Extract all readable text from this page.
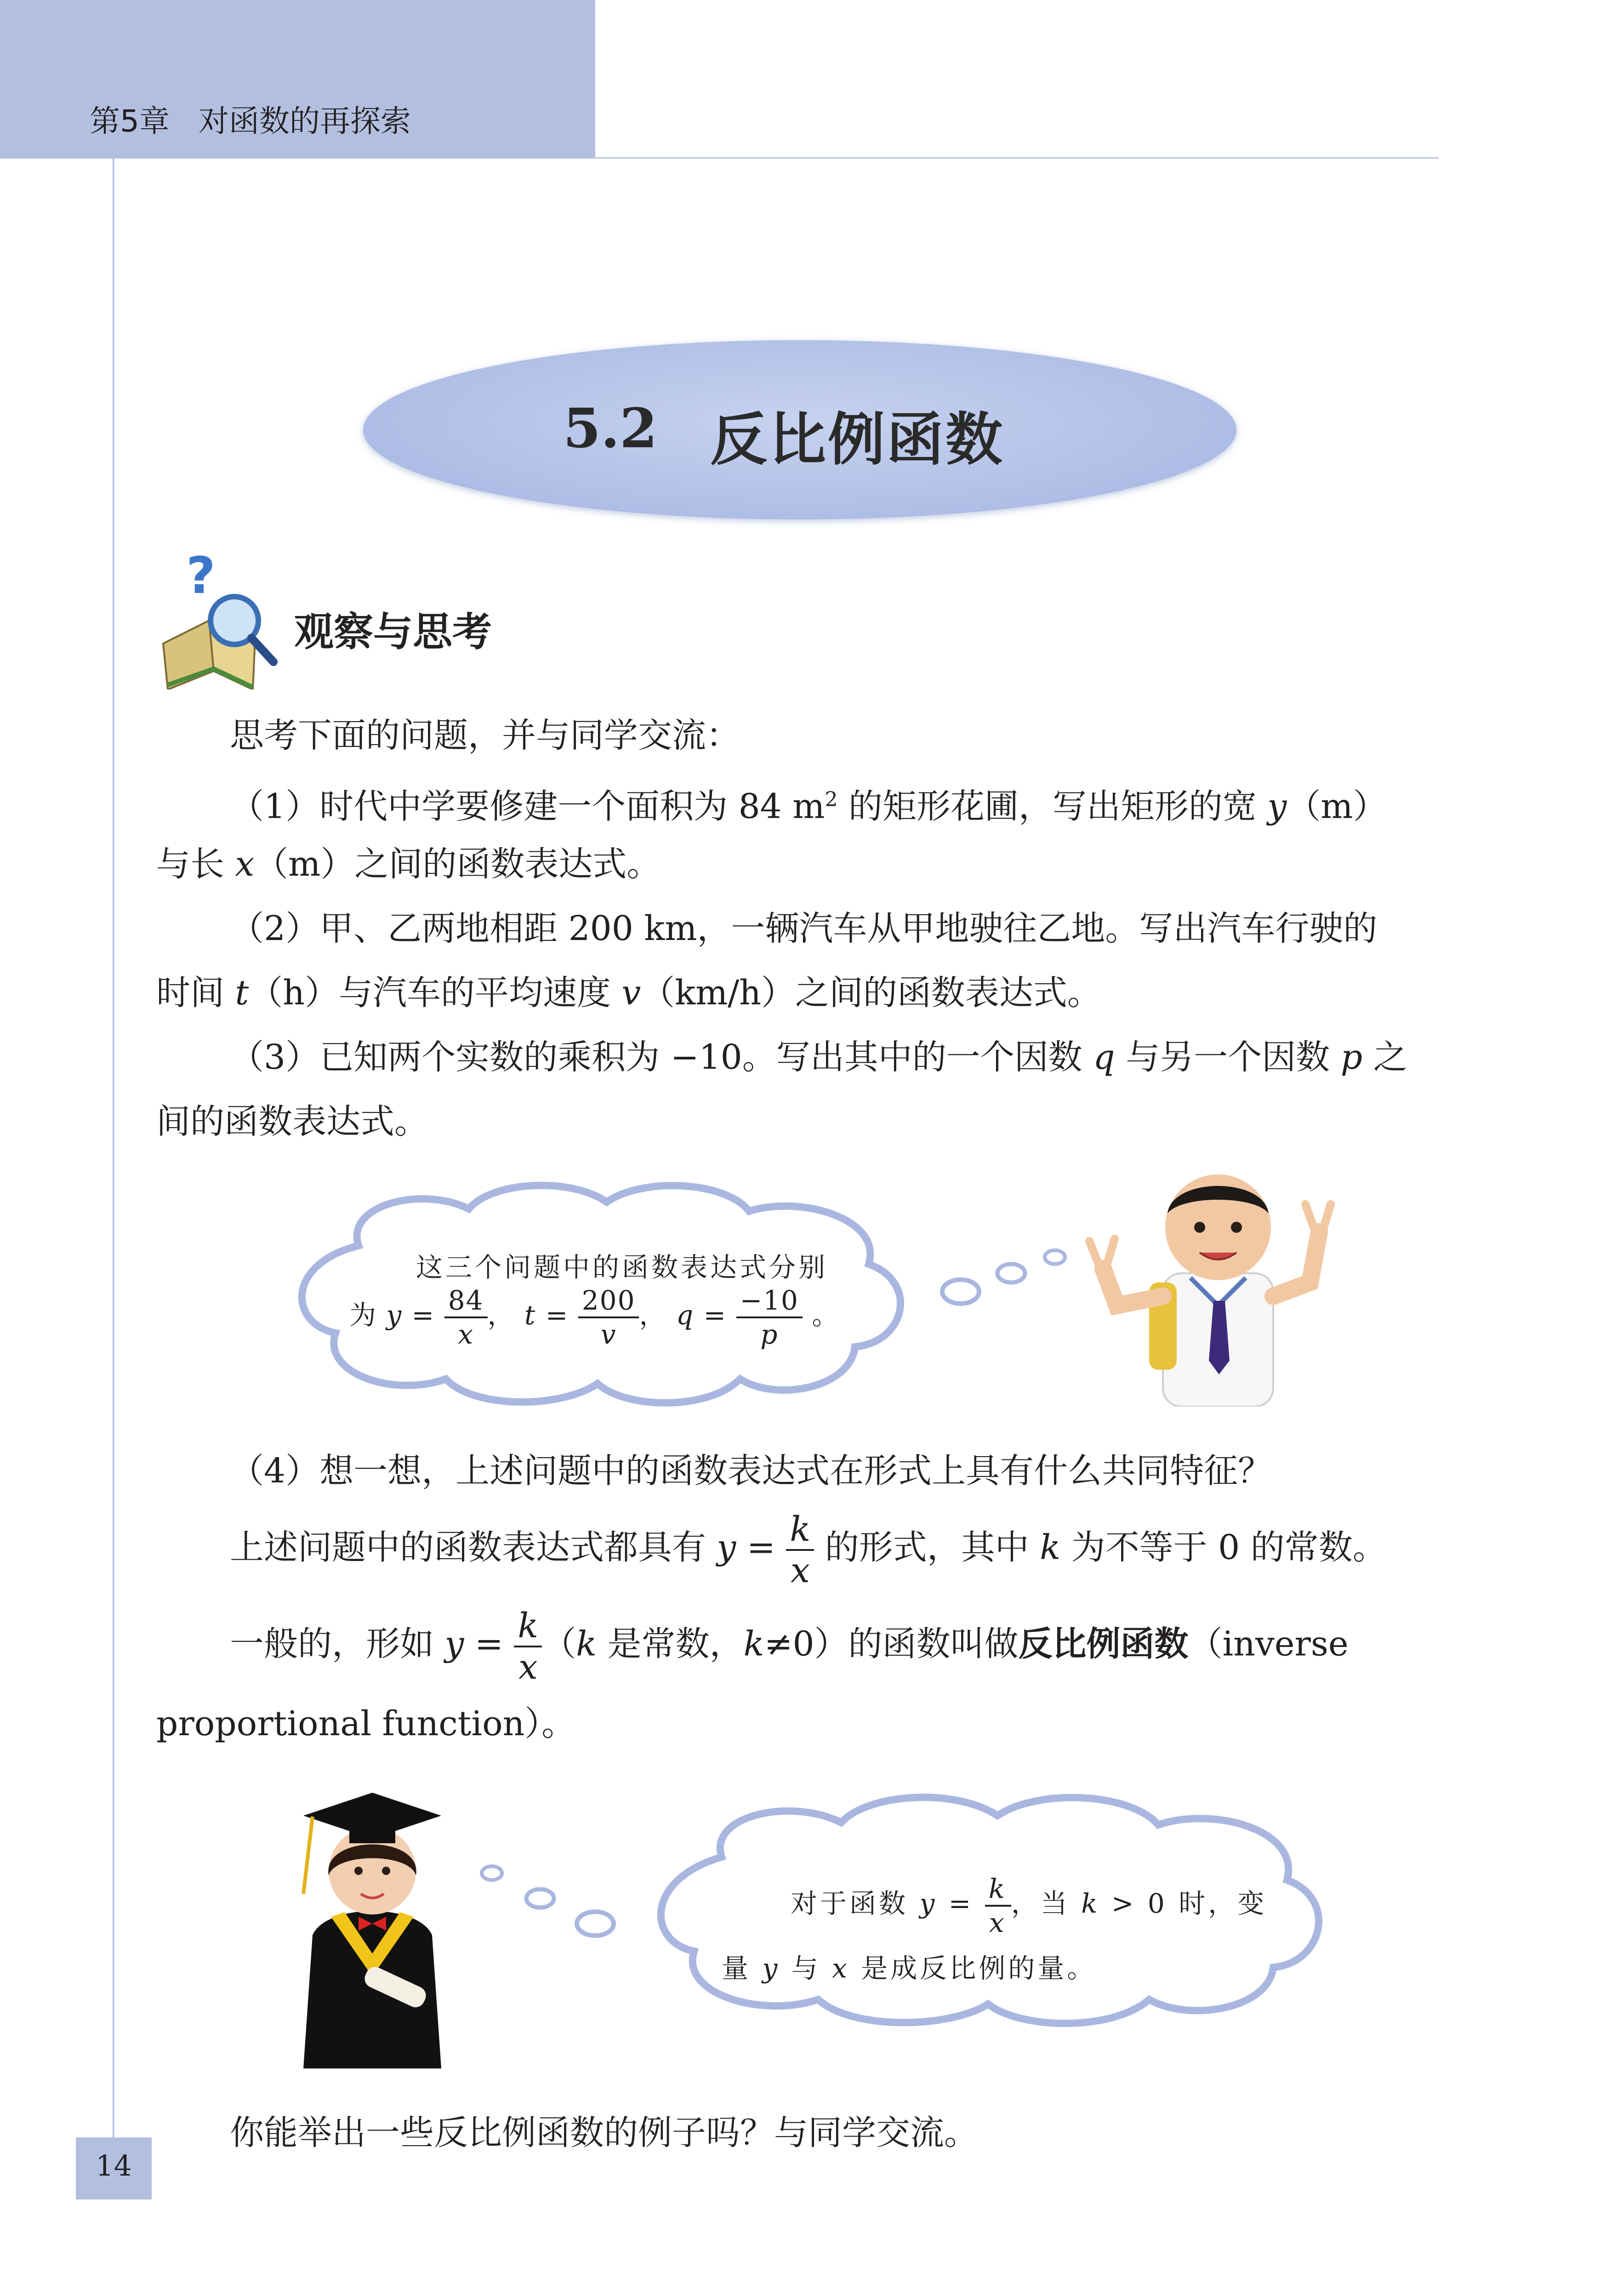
第5章 对函数的再探索
5.2 反比例函数
?
观察与思考
思考下面的问题，并与同学交流：
（1）时代中学要修建一个面积为 84 $m^2$ 的矩形花圃，写出矩形的宽 y（m）
与长 x（m）之间的函数表达式。
（2）甲、乙两地相距 200 km，一辆汽车从甲地驶往乙地。写出汽车行驶的
时间 t（h）与汽车的平均速度 v（km/h）之间的函数表达式。
（3）已知两个实数的乘积为 −10。写出其中的一个因数 q 与另一个因数 p 之
间的函数表达式。
这三个问题中的函数表达式分别
为 $y = \frac{84}{x}$ ， $t = \frac{200}{v}$ ， $q = \frac{-10}{p}$ 。
（4）想一想，上述问题中的函数表达式在形式上具有什么共同特征？
上述问题中的函数表达式都具有 $y = \frac{k}{x}$ 的形式，其中 k 为不等于 0 的常数。
一般的，形如 $y = \frac{k}{x} (k$ 是常数，k≠0）的函数叫做反比例函数（inverse
proportional function）。
对于函数 $y = \frac{k}{x}$ ，当 k > 0 时，变
量 y 与 x 是成反比例的量。
你能举出一些反比例函数的例子吗？与同学交流。
14
